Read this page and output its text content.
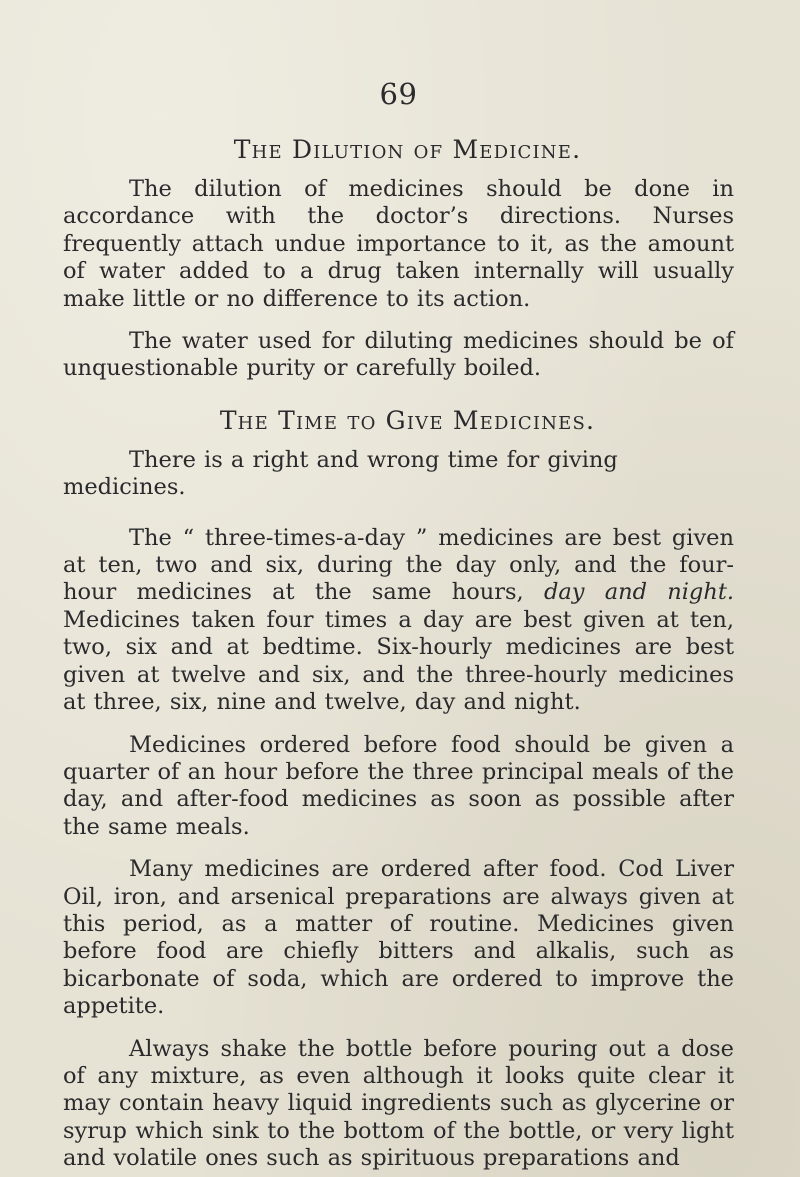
69
The Dilution of Medicine.

The dilution of medicines should be done in accordance with the doctor’s directions. Nurses frequently attach undue importance to it, as the amount of water added to a drug taken internally will usually make little or no difference to its action.

The water used for diluting medicines should be of unquestionable purity or carefully boiled.

The Time to Give Medicines.

There is a right and wrong time for giving medicines.

The “ three-times-a-day ” medicines are best given at ten, two and six, during the day only, and the four-hour medicines at the same hours, day and night. Medicines taken four times a day are best given at ten, two, six and at bedtime. Six-hourly medicines are best given at twelve and six, and the three-hourly medicines at three, six, nine and twelve, day and night.

Medicines ordered before food should be given a quarter of an hour before the three principal meals of the day, and after-food medicines as soon as possible after the same meals.

Many medicines are ordered after food. Cod Liver Oil, iron, and arsenical preparations are always given at this period, as a matter of routine. Medicines given before food are chiefly bitters and alkalis, such as bicarbonate of soda, which are ordered to improve the appetite.

Always shake the bottle before pouring out a dose of any mixture, as even although it looks quite clear it may contain heavy liquid ingredients such as glycerine or syrup which sink to the bottom of the bottle, or very light and volatile ones such as spirituous preparations and
